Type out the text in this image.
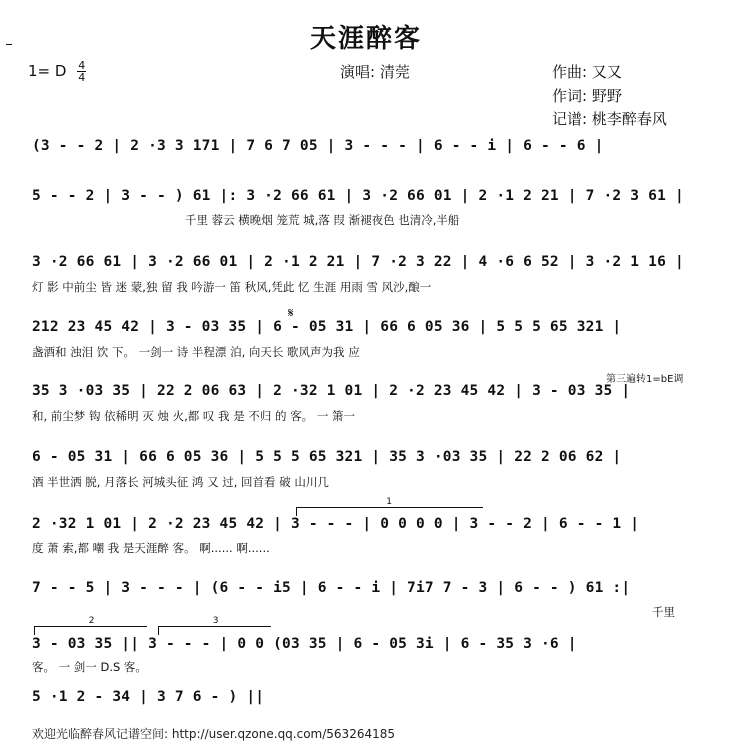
天涯醉客
1= D $\frac{4}{4}$	演唱: 清莞	作曲: 又又
作词: 野野
记谱: 桃李醉春风
(3 - - 2 | 2 ·3 3 171 | 7 6 7 05 | 3 - - - | 6 - - i | 6 - - 6 |
5 - - 2 | 3 - - ) 61 |: 3 ·2 66 61 | 3 ·2 66 01 | 2 ·1 2 21 | 7 ·2 3 61 |
千里 蓉云 横晚烟 笼荒 城,落 叚 渐褪夜色 也清冷,半船
3 ·2 66 61 | 3 ·2 66 01 | 2 ·1 2 21 | 7 ·2 3 22 | 4 ·6 6 52 | 3 ·2 1 16 |
灯 影 中前尘 皆 迷 蒙,独 留 我 吟游一 笛 秋风,凭此 忆 生涯 用雨 雪 风沙,酿一
212 23 45 42 | 3 - 03 35 | 6 - 05 31 | 66 6 05 36 | 5 5 5 65 321 |
盏酒和 浊泪 饮 下。 一剑一 诗 半程漂 泊, 向天长 歌风声为我 应
𝄋
第三遍转1=bE调
35 3 ·03 35 | 22 2 06 63 | 2 ·32 1 01 | 2 ·2 23 45 42 | 3 - 03 35 |
和, 前尘梦 钩 依稀明 灭 烛 火,都 叹 我 是 不归 的 客。 一 箫一
6 - 05 31 | 66 6 05 36 | 5 5 5 65 321 | 35 3 ·03 35 | 22 2 06 62 |
酒 半世洒 脱, 月落长 河城头征 鸿 又 过, 回首看 破 山川几
1
2 ·32 1 01 | 2 ·2 23 45 42 | 3 - - - | 0 0 0 0 | 3 - - 2 | 6 - - 1 |
度 萧 索,都 嘲 我 是天涯醉 客。 啊...... 啊......
7 - - 5 | 3 - - - | (6 - - i5 | 6 - - i | 7i7 7 - 3 | 6 - - ) 61 :|
千里
2	3
3 - 03 35 || 3 - - - | 0 0 (03 35 | 6 - 05 3i | 6 - 35 3 ·6 |
客。 一 剑一 D.S 客。
5 ·1 2 - 34 | 3 7 6 - ) ||
欢迎光临醉春风记谱空间: http://user.qzone.qq.com/563264185
